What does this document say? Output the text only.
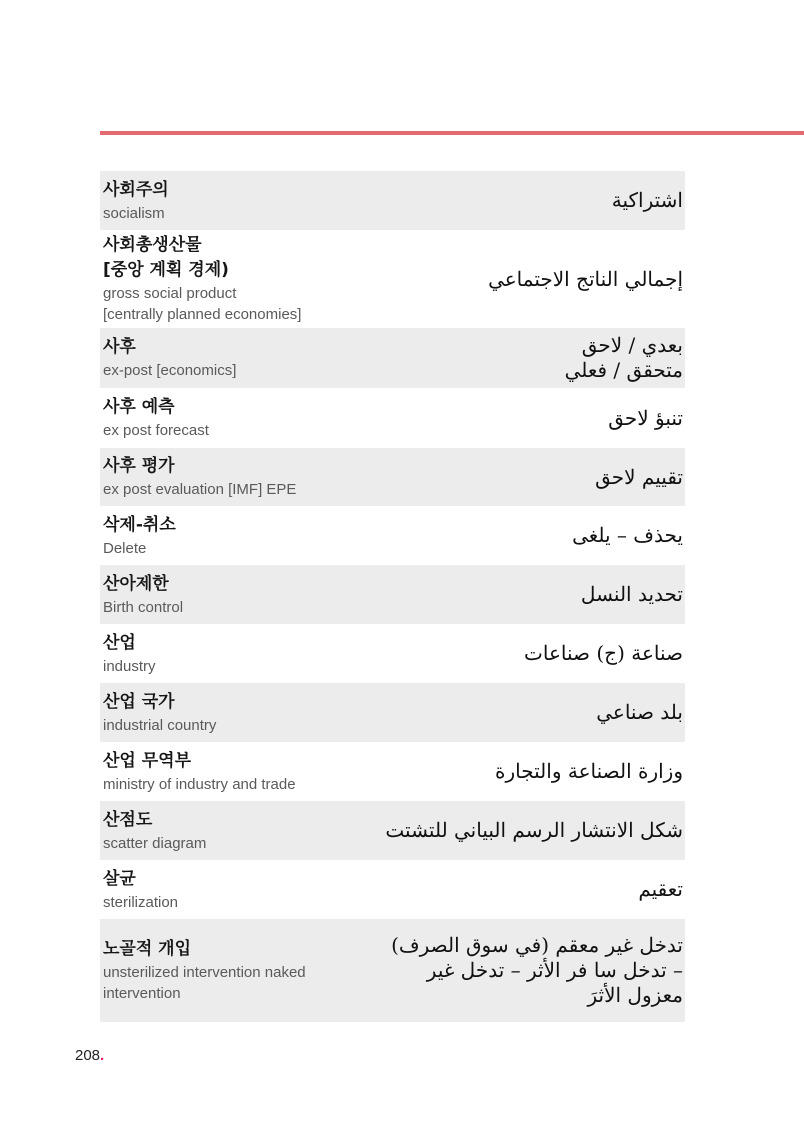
사회주의
socialism
اشتراكية
사회총생산물
[중앙 계획 경제)
gross social product
[centrally planned economies]
إجمالي الناتج الاجتماعي
사후
ex-post [economics]
بعدي / لاحق
متحقق / فعلي
사후 예측
ex post forecast
تنبؤ لاحق
사후 평가
ex post evaluation [IMF] EPE
تقييم لاحق
삭제-취소
Delete
يحذف – يلغى
산아제한
Birth control
تحديد النسل
산업
industry
صناعة (ج) صناعات
산업 국가
industrial country
بلد صناعي
산업 무역부
ministry of industry and trade
وزارة الصناعة والتجارة
산점도
scatter diagram
شكل الانتشار الرسم البياني للتشتت
살균
sterilization
تعقيم
노골적 개입
unsterilized intervention naked
intervention
تدخل غير معقم (في سوق الصرف)
– تدخل سا فر الأثر – تدخل غير
معزول الأثرَ
208.
